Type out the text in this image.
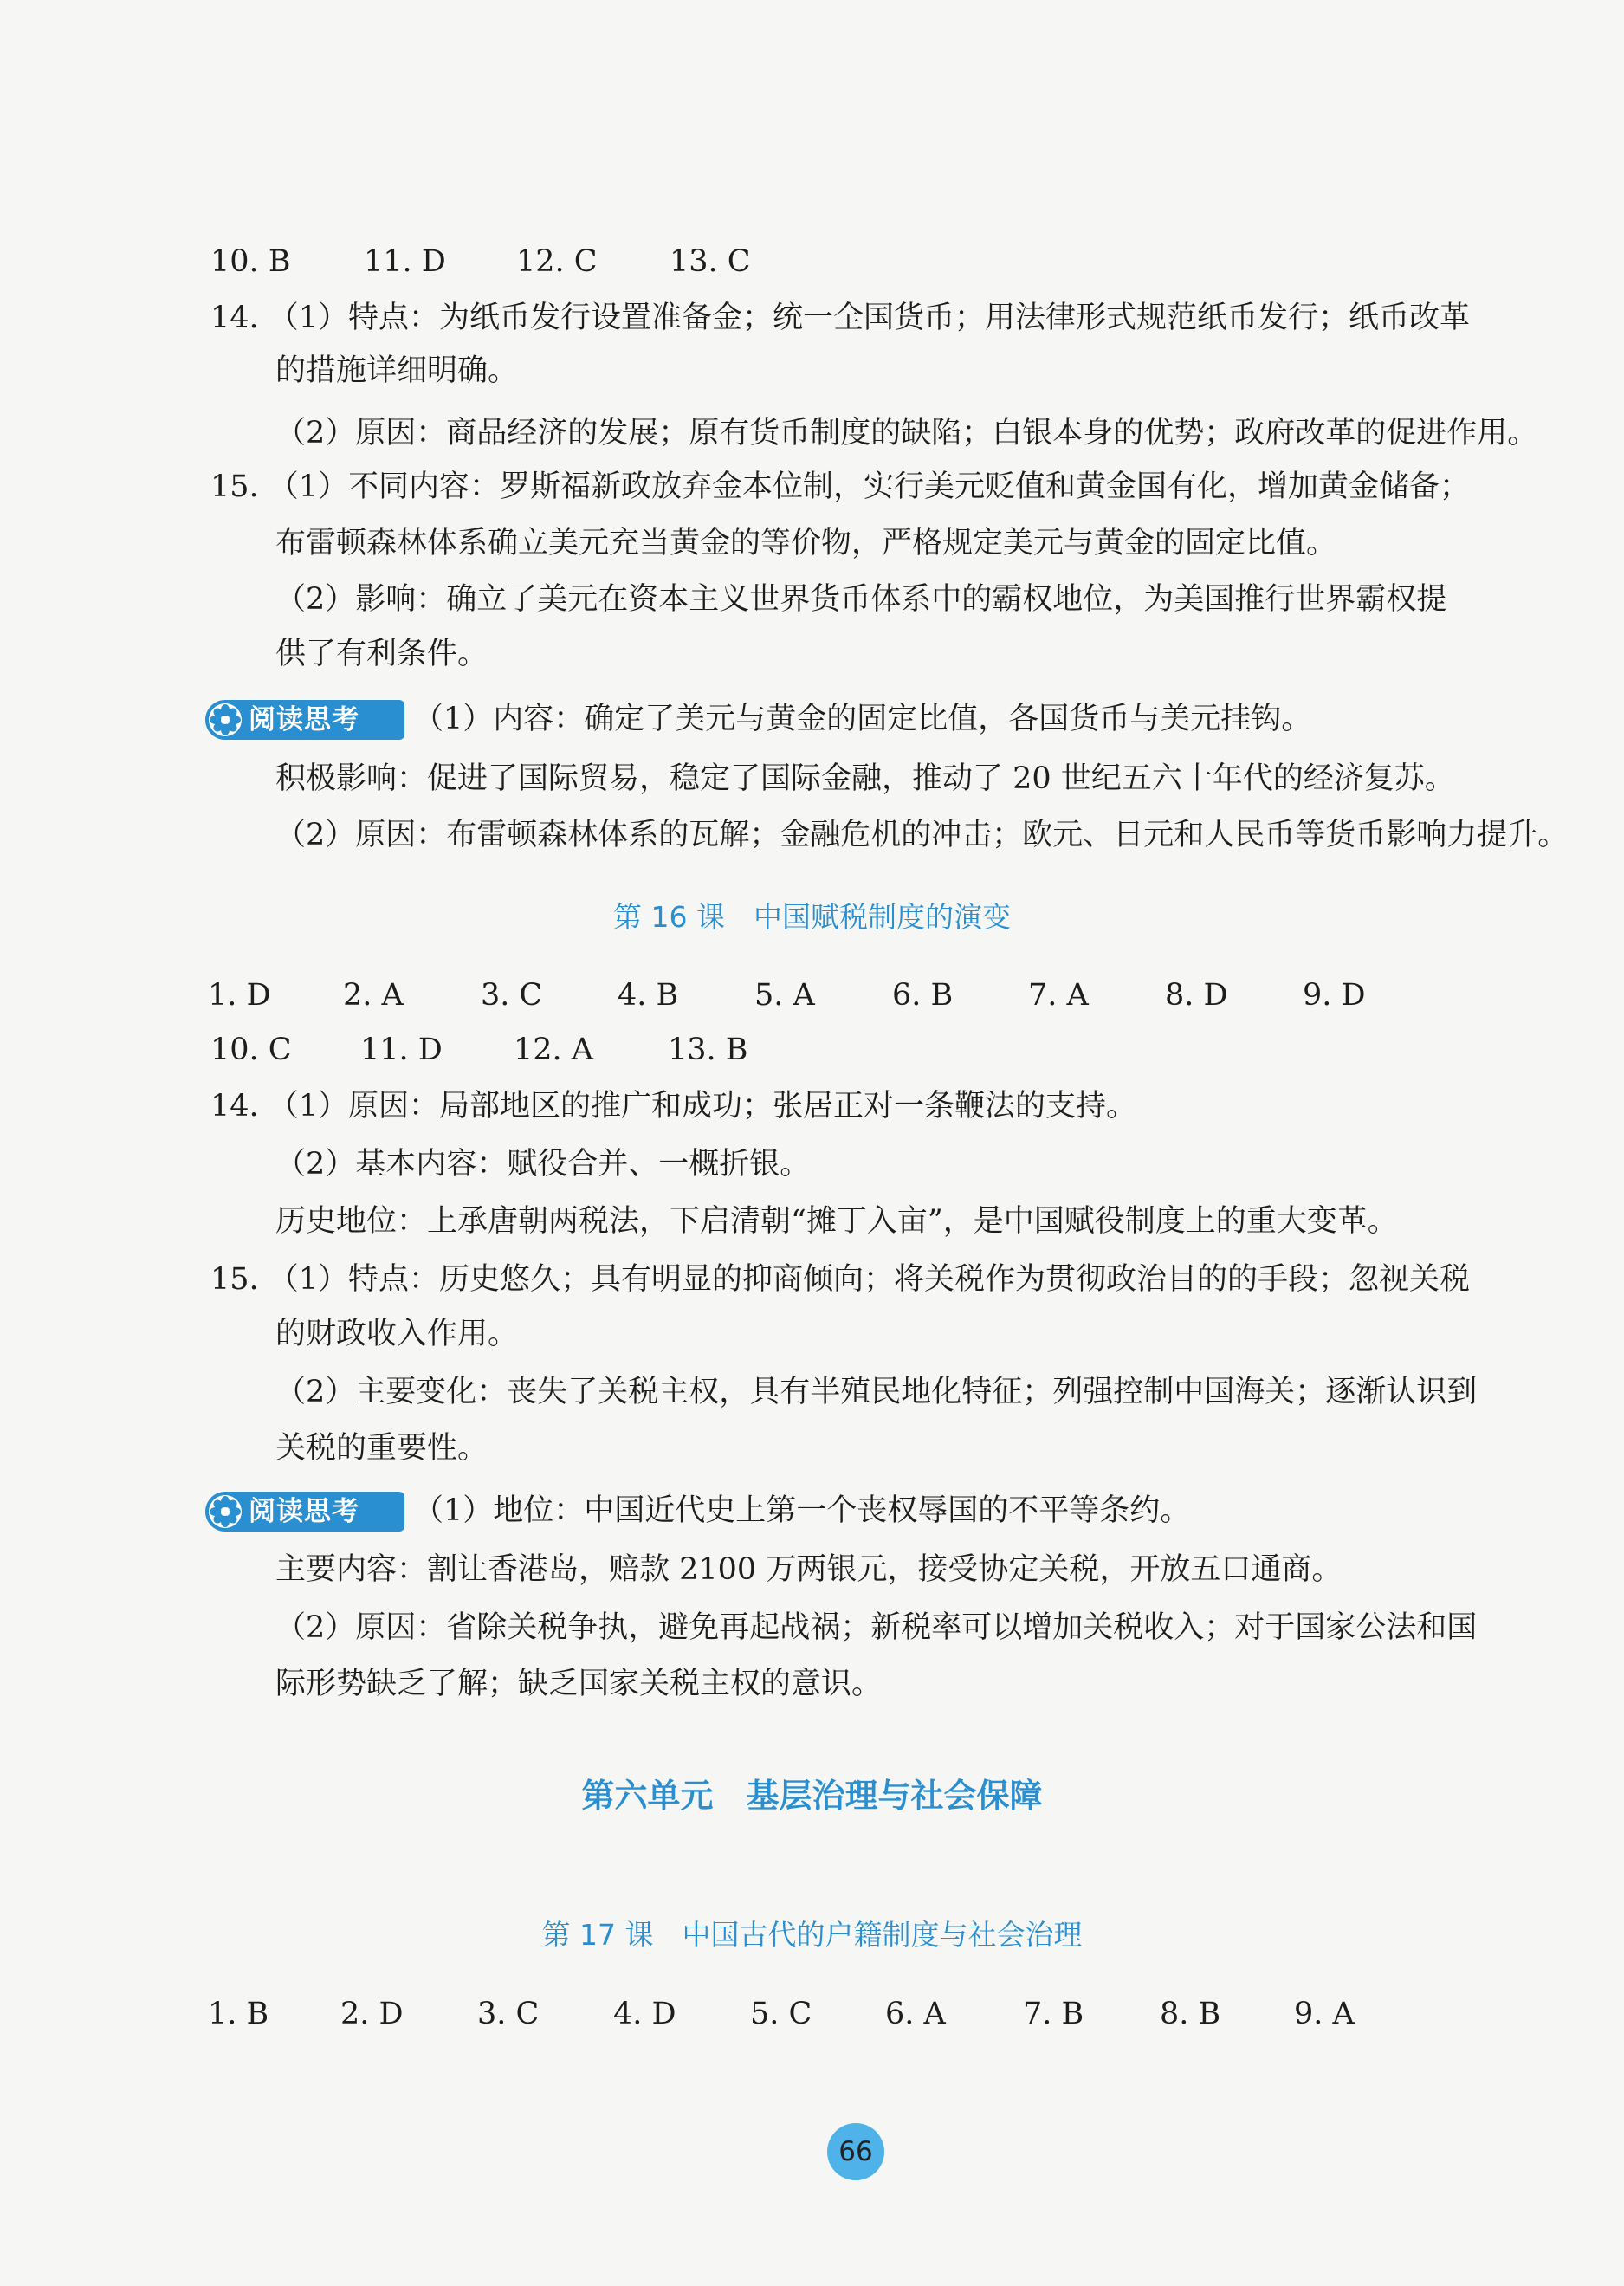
10. B 11. D 12. C 13. C
14. （1）特点：为纸币发行设置准备金；统一全国货币；用法律形式规范纸币发行；纸币改革
的措施详细明确。
（2）原因：商品经济的发展；原有货币制度的缺陷；白银本身的优势；政府改革的促进作用。
15. （1）不同内容：罗斯福新政放弃金本位制，实行美元贬值和黄金国有化，增加黄金储备；
布雷顿森林体系确立美元充当黄金的等价物，严格规定美元与黄金的固定比值。
（2）影响：确立了美元在资本主义世界货币体系中的霸权地位，为美国推行世界霸权提
供了有利条件。
阅读思考 （1）内容：确定了美元与黄金的固定比值，各国货币与美元挂钩。
积极影响：促进了国际贸易，稳定了国际金融，推动了 20 世纪五六十年代的经济复苏。
（2）原因：布雷顿森林体系的瓦解；金融危机的冲击；欧元、日元和人民币等货币影响力提升。
第 16 课　中国赋税制度的演变
1. D 2. A	3. C 4. B	5. A	6. B 7. A	8. D 9. D
10. C 11. D 12. A 13. B
14. （1）原因：局部地区的推广和成功；张居正对一条鞭法的支持。
（2）基本内容：赋役合并、一概折银。
历史地位：上承唐朝两税法，下启清朝“摊丁入亩”，是中国赋役制度上的重大变革。
15. （1）特点：历史悠久；具有明显的抑商倾向；将关税作为贯彻政治目的的手段；忽视关税
的财政收入作用。
（2）主要变化：丧失了关税主权，具有半殖民地化特征；列强控制中国海关；逐渐认识到
关税的重要性。
阅读思考 （1）地位：中国近代史上第一个丧权辱国的不平等条约。
主要内容：割让香港岛，赔款 2100 万两银元，接受协定关税，开放五口通商。
（2）原因：省除关税争执，避免再起战祸；新税率可以增加关税收入；对于国家公法和国
际形势缺乏了解；缺乏国家关税主权的意识。
第六单元　基层治理与社会保障
第 17 课　中国古代的户籍制度与社会治理
1. B 2. D 3. C 4. D 5. C 6. A	7. B	8. B 9. A
66
